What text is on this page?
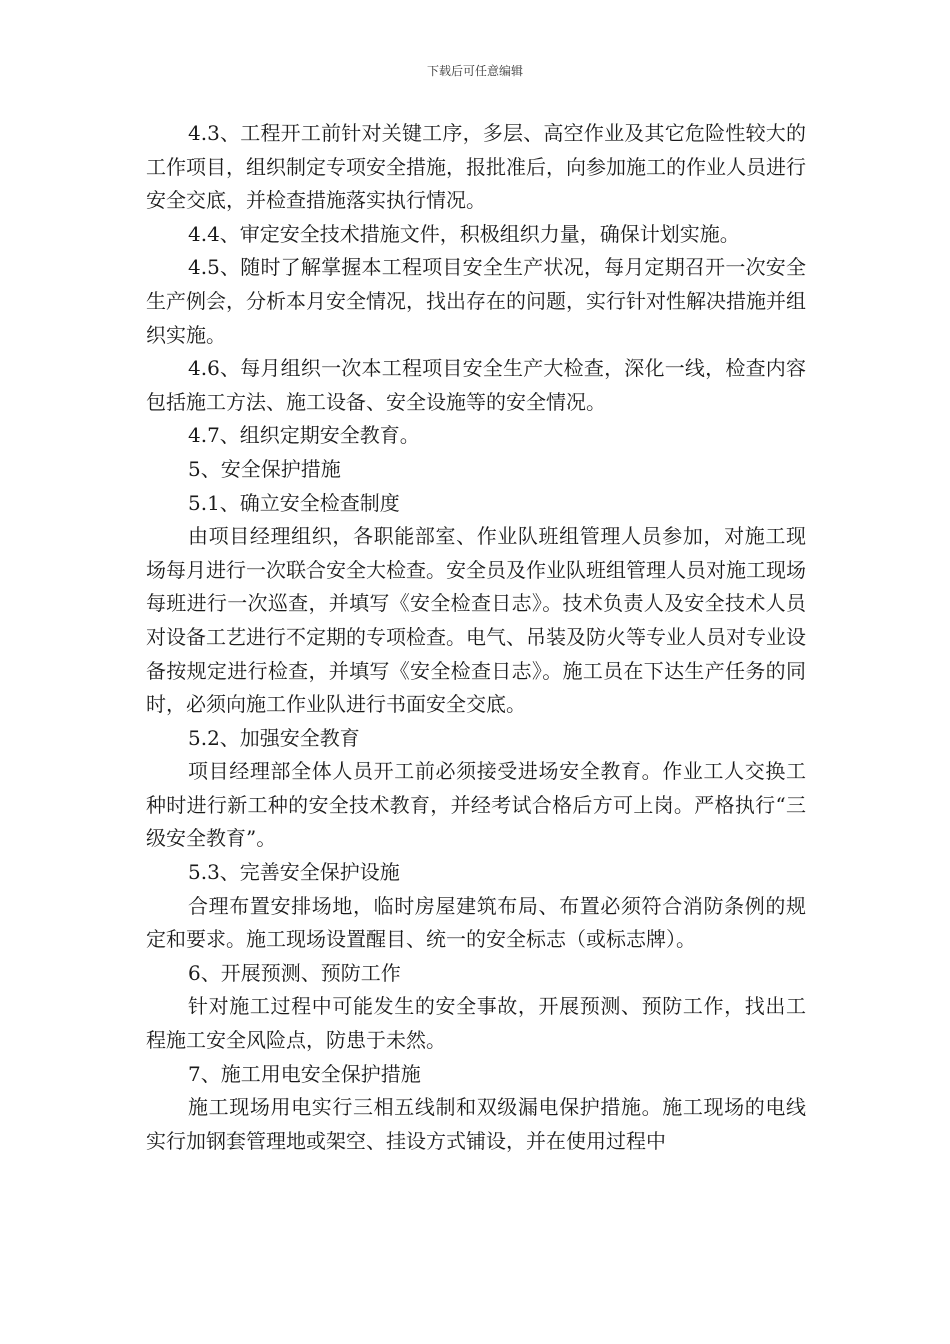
下载后可任意编辑

4.3、工程开工前针对关键工序，多层、高空作业及其它危险性较大的工作项目，组织制定专项安全措施，报批准后，向参加施工的作业人员进行安全交底，并检查措施落实执行情况。

4.4、审定安全技术措施文件，积极组织力量，确保计划实施。

4.5、随时了解掌握本工程项目安全生产状况，每月定期召开一次安全生产例会，分析本月安全情况，找出存在的问题，实行针对性解决措施并组织实施。

4.6、每月组织一次本工程项目安全生产大检查，深化一线，检查内容包括施工方法、施工设备、安全设施等的安全情况。

4.7、组织定期安全教育。

5、安全保护措施

5.1、确立安全检查制度

由项目经理组织，各职能部室、作业队班组管理人员参加，对施工现场每月进行一次联合安全大检查。安全员及作业队班组管理人员对施工现场每班进行一次巡查，并填写《安全检查日志》。技术负责人及安全技术人员对设备工艺进行不定期的专项检查。电气、吊装及防火等专业人员对专业设备按规定进行检查，并填写《安全检查日志》。施工员在下达生产任务的同时，必须向施工作业队进行书面安全交底。

5.2、加强安全教育

项目经理部全体人员开工前必须接受进场安全教育。作业工人交换工种时进行新工种的安全技术教育，并经考试合格后方可上岗。严格执行“三级安全教育”。

5.3、完善安全保护设施

合理布置安排场地，临时房屋建筑布局、布置必须符合消防条例的规定和要求。施工现场设置醒目、统一的安全标志（或标志牌）。

6、开展预测、预防工作

针对施工过程中可能发生的安全事故，开展预测、预防工作，找出工程施工安全风险点，防患于未然。

7、施工用电安全保护措施

施工现场用电实行三相五线制和双级漏电保护措施。施工现场的电线实行加钢套管理地或架空、挂设方式铺设，并在使用过程中
